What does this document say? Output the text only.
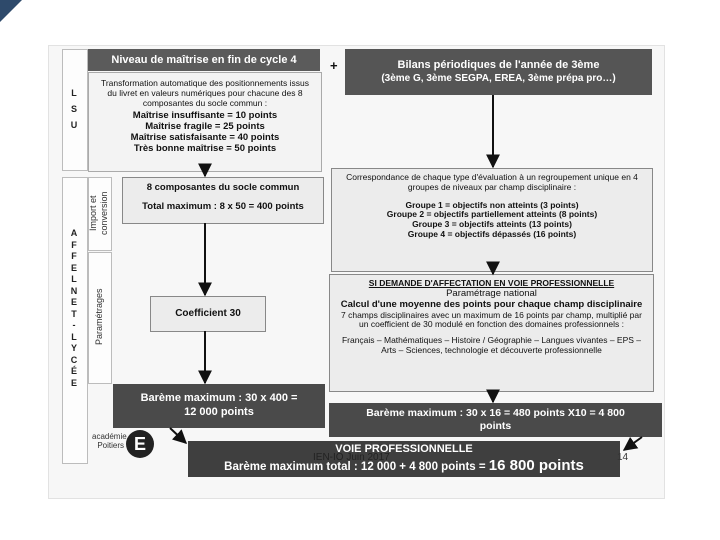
L
S
U
A
F
F
E
L
N
E
T
-
L
Y
C
É
E
Import et conversion
Paramétrages
Niveau de maîtrise en fin de cycle 4

Transformation automatique des positionnements issus du livret en valeurs numériques pour chacune des 8 composantes du socle commun :

Maîtrise insuffisante = 10 points

Maîtrise fragile = 25 points

Maîtrise satisfaisante = 40 points

Très bonne maîtrise = 50 points

+	Bilans périodiques de l'année de 3ème
(3ème G, 3ème SEGPA, EREA, 3ème prépa pro…)

8 composantes du socle commun

Total maximum : 8 x 50 = 400 points

Correspondance de chaque type d'évaluation à un regroupement unique en 4 groupes de niveaux par champ disciplinaire :

Groupe 1 = objectifs non atteints (3 points)

Groupe 2 = objectifs partiellement atteints (8 points)

Groupe 3 = objectifs atteints (13 points)

Groupe 4 = objectifs dépassés (16 points)

Coefficient 30

SI DEMANDE D'AFFECTATION EN VOIE PROFESSIONNELLE

Paramétrage national

Calcul d'une moyenne des points pour chaque champ disciplinaire

7 champs disciplinaires avec un maximum de 16 points par champ, multiplié par un coefficient de 30 modulé en fonction des domaines professionnels :

Français – Mathématiques – Histoire / Géographie – Langues vivantes – EPS – Arts – Sciences, technologie et découverte professionnelle

Barème maximum : 30 x 400 =
12 000 points	Barème maximum : 30 x 16 = 480 points X10 = 4 800
points
VOIE PROFESSIONNELLE
Barème maximum total : 12 000 + 4 800 points = 16 800 points
académie
Poitiers E
IEN-IO Juin 2017	14
